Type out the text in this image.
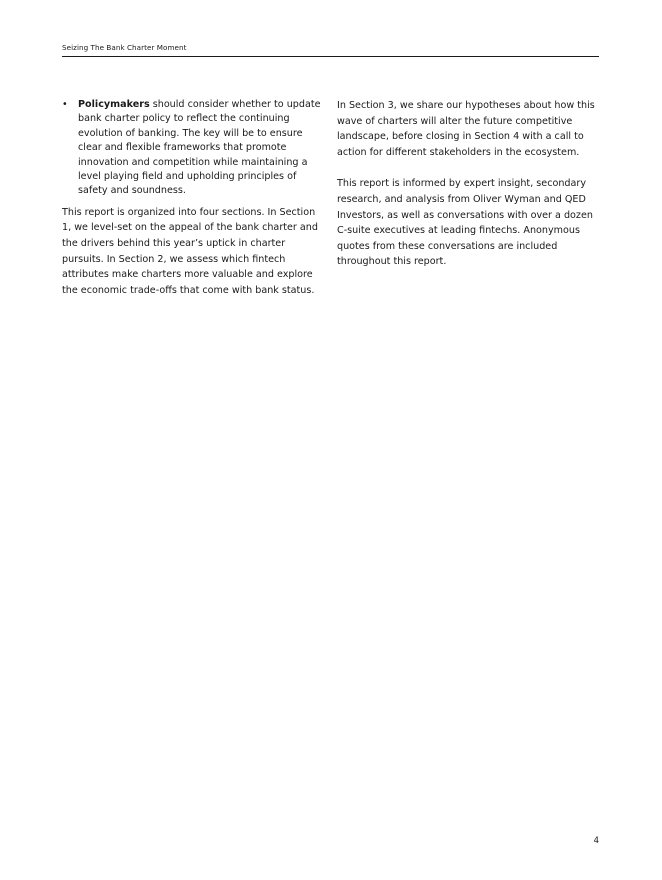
Seizing The Bank Charter Moment
• Policymakers should consider whether to update bank charter policy to reflect the continuing evolution of banking. The key will be to ensure clear and flexible frameworks that promote innovation and competition while maintaining a level playing field and upholding principles of safety and soundness.

This report is organized into four sections. In Section 1, we level-set on the appeal of the bank charter and the drivers behind this year’s uptick in charter pursuits. In Section 2, we assess which fintech attributes make charters more valuable and explore the economic trade-offs that come with bank status.

In Section 3, we share our hypotheses about how this wave of charters will alter the future competitive landscape, before closing in Section 4 with a call to action for different stakeholders in the ecosystem.

This report is informed by expert insight, secondary research, and analysis from Oliver Wyman and QED Investors, as well as conversations with over a dozen C-suite executives at leading fintechs. Anonymous quotes from these conversations are included throughout this report.

4
